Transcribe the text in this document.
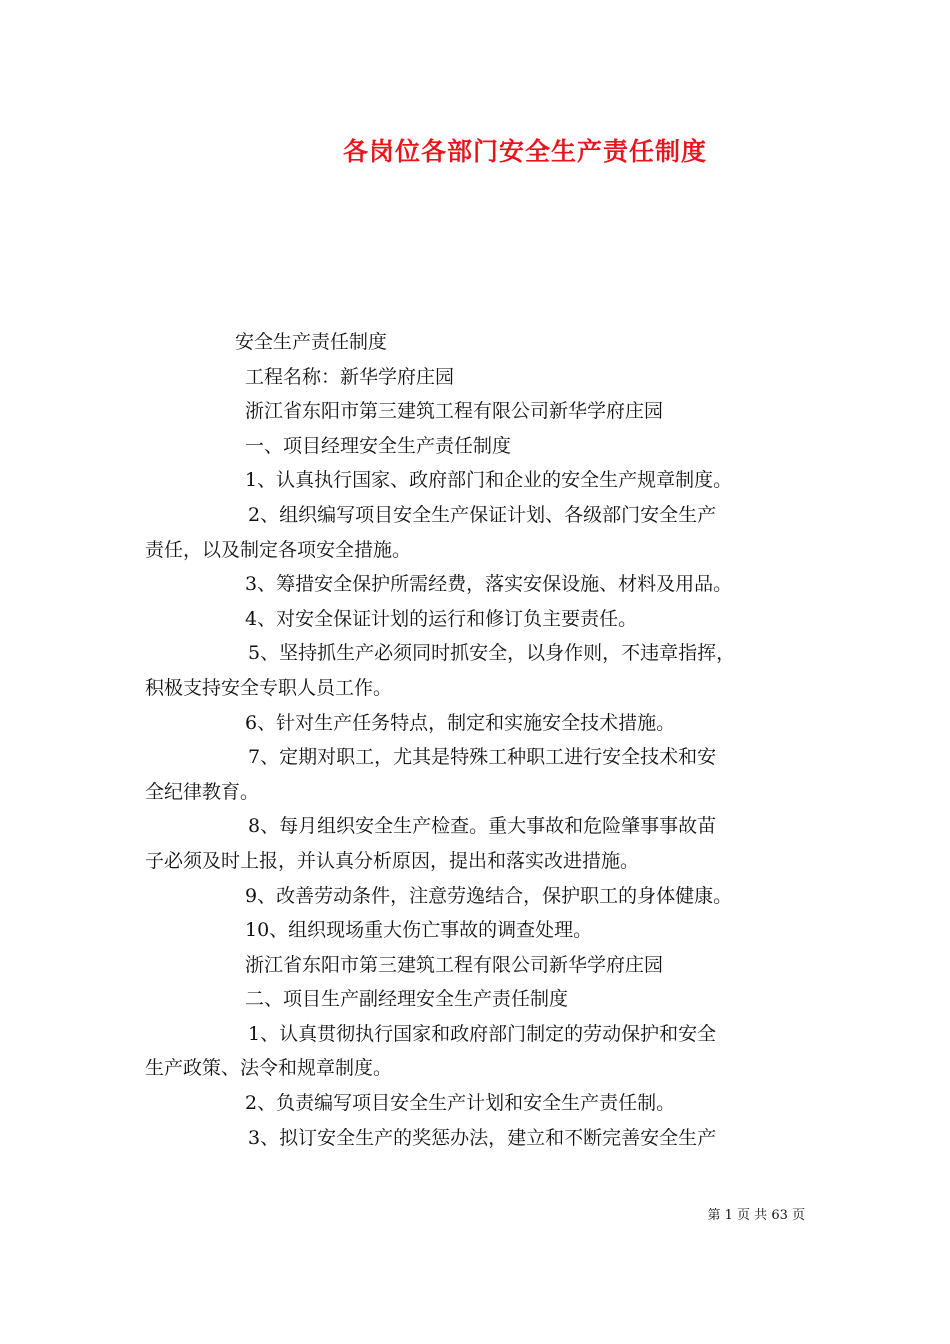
各岗位各部门安全生产责任制度
安全生产责任制度
工程名称：新华学府庄园
浙江省东阳市第三建筑工程有限公司新华学府庄园
一、项目经理安全生产责任制度
1、认真执行国家、政府部门和企业的安全生产规章制度。
2、组织编写项目安全生产保证计划、各级部门安全生产
责任，以及制定各项安全措施。
3、筹措安全保护所需经费，落实安保设施、材料及用品。
4、对安全保证计划的运行和修订负主要责任。
5、坚持抓生产必须同时抓安全，以身作则，不违章指挥，
积极支持安全专职人员工作。
6、针对生产任务特点，制定和实施安全技术措施。
7、定期对职工，尤其是特殊工种职工进行安全技术和安
全纪律教育。
8、每月组织安全生产检查。重大事故和危险肇事事故苗
子必须及时上报，并认真分析原因，提出和落实改进措施。
9、改善劳动条件，注意劳逸结合，保护职工的身体健康。
10、组织现场重大伤亡事故的调查处理。
浙江省东阳市第三建筑工程有限公司新华学府庄园
二、项目生产副经理安全生产责任制度
1、认真贯彻执行国家和政府部门制定的劳动保护和安全
生产政策、法令和规章制度。
2、负责编写项目安全生产计划和安全生产责任制。
3、拟订安全生产的奖惩办法，建立和不断完善安全生产
第 1 页 共 63 页
